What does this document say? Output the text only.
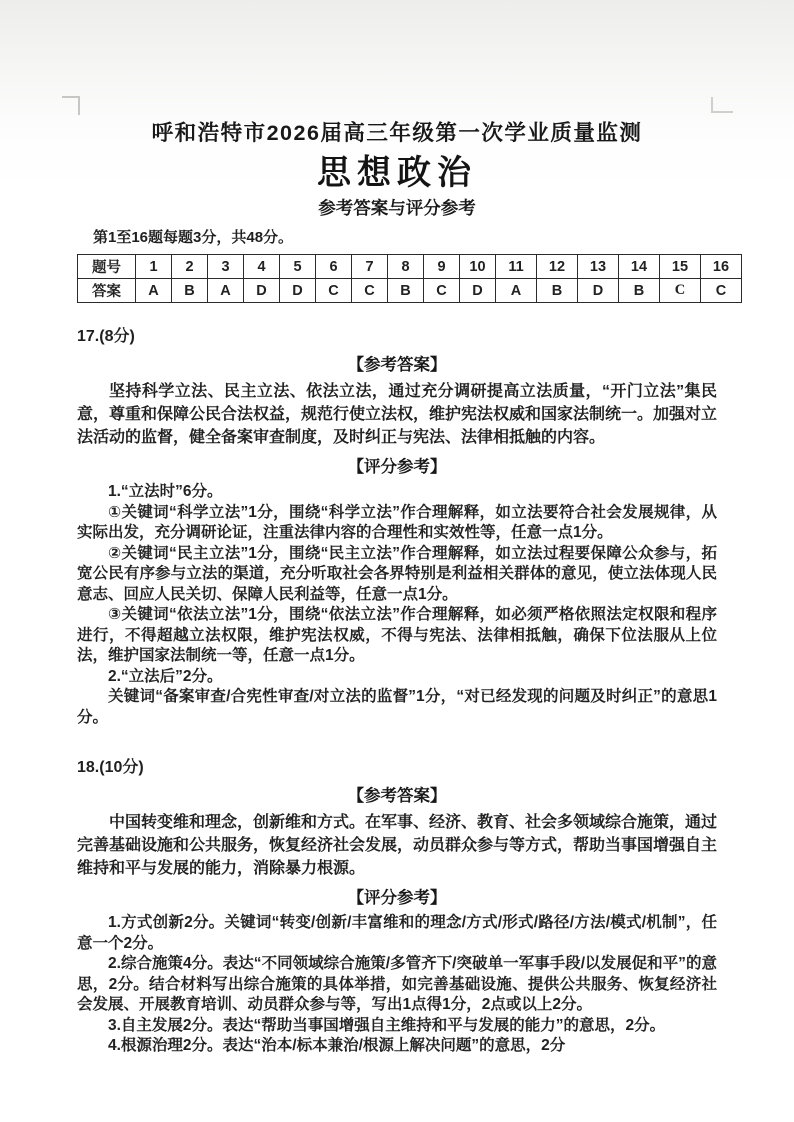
呼和浩特市2026届高三年级第一次学业质量监测
思想政治
参考答案与评分参考

第1至16题每题3分，共48分。

题号	1	2	3	4	5	6	7	8	9	10	11	12	13	14	15	16
答案	A	B	A	D	D	C	C	B	C	D	A	B	D	B	C	C

17.(8分)

【参考答案】

坚持科学立法、民主立法、依法立法，通过充分调研提高立法质量，“开门立法”集民意，尊重和保障公民合法权益，规范行使立法权，维护宪法权威和国家法制统一。加强对立法活动的监督，健全备案审查制度，及时纠正与宪法、法律相抵触的内容。

【评分参考】

1.“立法时”6分。

①关键词“科学立法”1分，围绕“科学立法”作合理解释，如立法要符合社会发展规律，从实际出发，充分调研论证，注重法律内容的合理性和实效性等，任意一点1分。

②关键词“民主立法”1分，围绕“民主立法”作合理解释，如立法过程要保障公众参与，拓宽公民有序参与立法的渠道，充分听取社会各界特别是利益相关群体的意见，使立法体现人民意志、回应人民关切、保障人民利益等，任意一点1分。

③关键词“依法立法”1分，围绕“依法立法”作合理解释，如必须严格依照法定权限和程序进行，不得超越立法权限，维护宪法权威，不得与宪法、法律相抵触，确保下位法服从上位法，维护国家法制统一等，任意一点1分。

2.“立法后”2分。

关键词“备案审查/合宪性审查/对立法的监督”1分，“对已经发现的问题及时纠正”的意思1分。

18.(10分)

【参考答案】

中国转变维和理念，创新维和方式。在军事、经济、教育、社会多领域综合施策，通过完善基础设施和公共服务，恢复经济社会发展，动员群众参与等方式，帮助当事国增强自主维持和平与发展的能力，消除暴力根源。

【评分参考】

1.方式创新2分。关键词“转变/创新/丰富维和的理念/方式/形式/路径/方法/模式/机制”，任意一个2分。

2.综合施策4分。表达“不同领域综合施策/多管齐下/突破单一军事手段/以发展促和平”的意思，2分。结合材料写出综合施策的具体举措，如完善基础设施、提供公共服务、恢复经济社会发展、开展教育培训、动员群众参与等，写出1点得1分，2点或以上2分。

3.自主发展2分。表达“帮助当事国增强自主维持和平与发展的能力”的意思，2分。

4.根源治理2分。表达“治本/标本兼治/根源上解决问题”的意思，2分
